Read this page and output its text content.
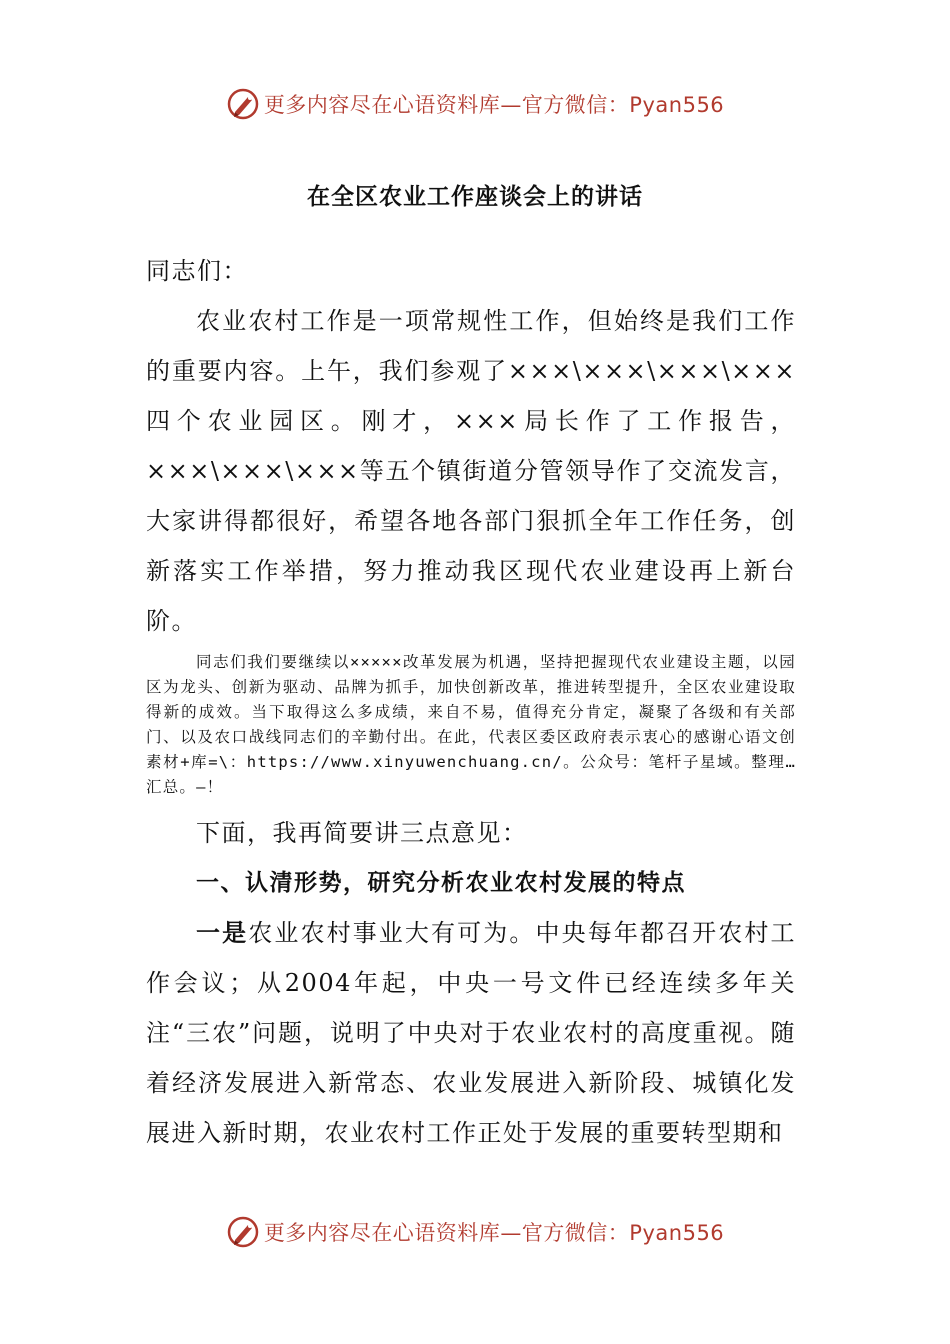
更多内容尽在心语资料库—官方微信：Pyan556
在全区农业工作座谈会上的讲话

同志们：

农业农村工作是一项常规性工作，但始终是我们工作的重要内容。上午，我们参观了×××\×××\×××\×××四个农业园区。刚才，×××局长作了工作报告，×××\×××\×××等五个镇街道分管领导作了交流发言，大家讲得都很好，希望各地各部门狠抓全年工作任务，创新落实工作举措，努力推动我区现代农业建设再上新台阶。

同志们我们要继续以×××××改革发展为机遇，坚持把握现代农业建设主题，以园区为龙头、创新为驱动、品牌为抓手，加快创新改革，推进转型提升，全区农业建设取得新的成效。当下取得这么多成绩，来自不易，值得充分肯定，凝聚了各级和有关部门、以及农口战线同志们的辛勤付出。在此，代表区委区政府表示衷心的感谢心语文创素材+库=\：https://www.xinyuwenchuang.cn/。公众号：笔杆子星域。整理…汇总。—！

下面，我再简要讲三点意见：

一、认清形势，研究分析农业农村发展的特点

一是农业农村事业大有可为。中央每年都召开农村工作会议；从2004年起，中央一号文件已经连续多年关注“三农”问题，说明了中央对于农业农村的高度重视。随着经济发展进入新常态、农业发展进入新阶段、城镇化发展进入新时期，农业农村工作正处于发展的重要转型期和

更多内容尽在心语资料库—官方微信：Pyan556
